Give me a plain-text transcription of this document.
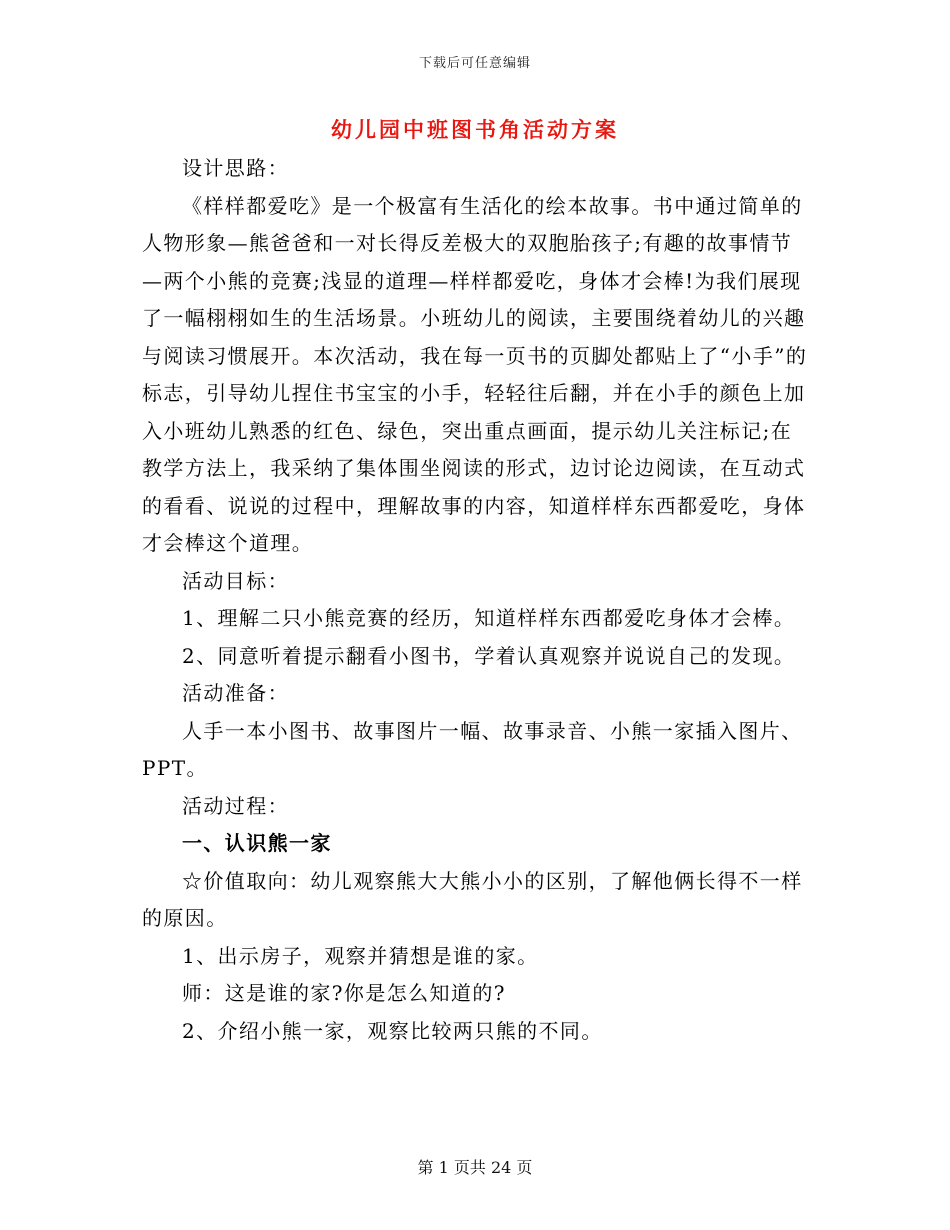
下载后可任意编辑
幼儿园中班图书角活动方案

设计思路：

《样样都爱吃》是一个极富有生活化的绘本故事。书中通过简单的人物形象—熊爸爸和一对长得反差极大的双胞胎孩子;有趣的故事情节—两个小熊的竞赛;浅显的道理—样样都爱吃，身体才会棒!为我们展现了一幅栩栩如生的生活场景。小班幼儿的阅读，主要围绕着幼儿的兴趣与阅读习惯展开。本次活动，我在每一页书的页脚处都贴上了“小手”的标志，引导幼儿捏住书宝宝的小手，轻轻往后翻，并在小手的颜色上加入小班幼儿熟悉的红色、绿色，突出重点画面，提示幼儿关注标记;在教学方法上，我采纳了集体围坐阅读的形式，边讨论边阅读，在互动式的看看、说说的过程中，理解故事的内容，知道样样东西都爱吃，身体才会棒这个道理。

活动目标：

1、理解二只小熊竞赛的经历，知道样样东西都爱吃身体才会棒。

2、同意听着提示翻看小图书，学着认真观察并说说自己的发现。

活动准备：

人手一本小图书、故事图片一幅、故事录音、小熊一家插入图片、PPT。

活动过程：

一、认识熊一家

☆价值取向：幼儿观察熊大大熊小小的区别，了解他俩长得不一样的原因。

1、出示房子，观察并猜想是谁的家。

师：这是谁的家?你是怎么知道的?

2、介绍小熊一家，观察比较两只熊的不同。

第 1 页共 24 页
